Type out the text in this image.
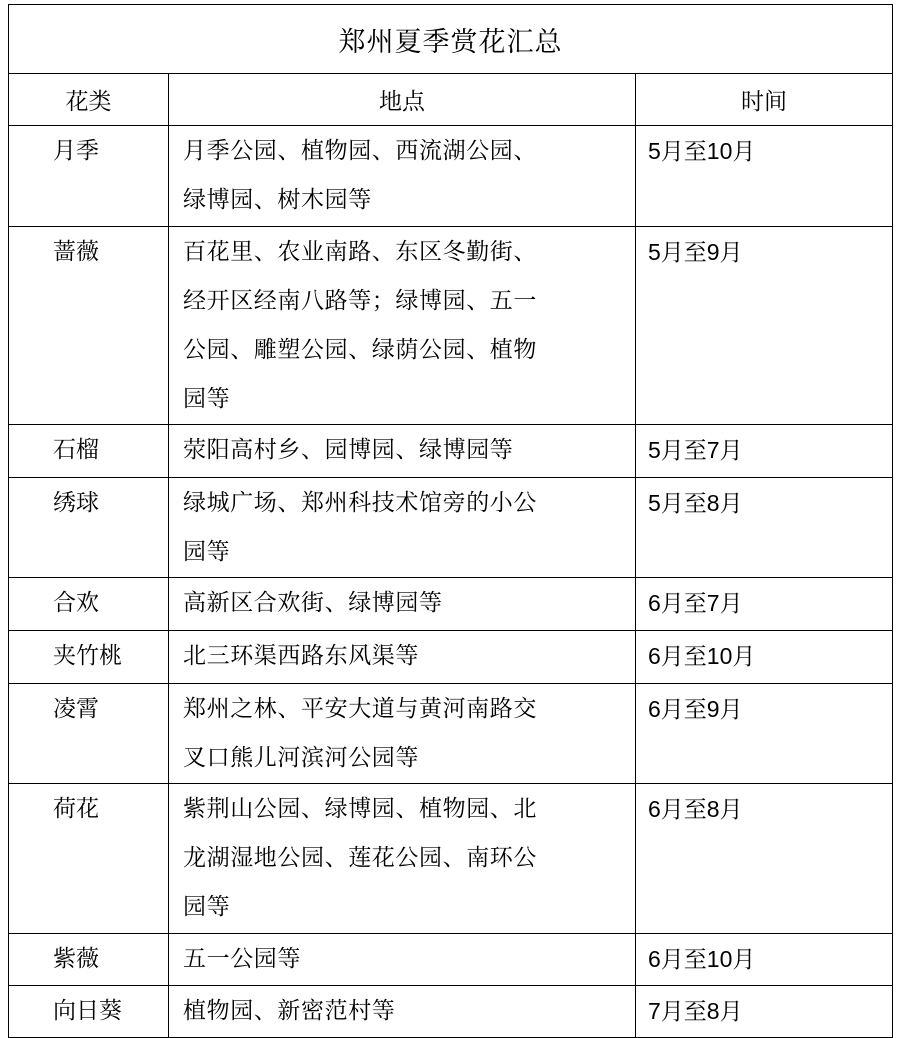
郑州夏季赏花汇总		
花类	地点	时间
月季	月季公园、植物园、西流湖公园、
绿博园、树木园等	5月至10月
蔷薇	百花里、农业南路、东区冬勤街、
经开区经南八路等；绿博园、五一
公园、雕塑公园、绿荫公园、植物
园等	5月至9月
石榴	荥阳高村乡、园博园、绿博园等	5月至7月
绣球	绿城广场、郑州科技术馆旁的小公
园等	5月至8月
合欢	高新区合欢街、绿博园等	6月至7月
夹竹桃	北三环渠西路东风渠等	6月至10月
凌霄	郑州之林、平安大道与黄河南路交
叉口熊儿河滨河公园等	6月至9月
荷花	紫荆山公园、绿博园、植物园、北
龙湖湿地公园、莲花公园、南环公
园等	6月至8月
紫薇	五一公园等	6月至10月
向日葵	植物园、新密范村等	7月至8月
